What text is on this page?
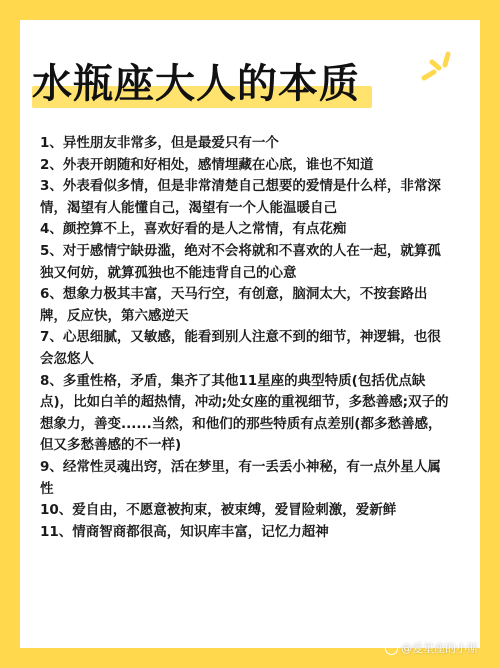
水瓶座大人的本质
1、异性朋友非常多，但是最爱只有一个
2、外表开朗随和好相处，感情埋藏在心底，谁也不知道
3、外表看似多情，但是非常清楚自己想要的爱情是什么样，非常深情，渴望有人能懂自己，渴望有一个人能温暖自己
4、颜控算不上，喜欢好看的是人之常情，有点花痴
5、对于感情宁缺毋滥，绝对不会将就和不喜欢的人在一起，就算孤独又何妨，就算孤独也不能违背自己的心意
6、想象力极其丰富，天马行空，有创意，脑洞太大，不按套路出牌，反应快，第六感逆天
7、心思细腻，又敏感，能看到别人注意不到的细节，神逻辑，也很会忽悠人
8、多重性格，矛盾，集齐了其他11星座的典型特质(包括优点缺点)，比如白羊的超热情，冲动;处女座的重视细节，多愁善感;双子的想象力，善变......当然，和他们的那些特质有点差别(都多愁善感，但又多愁善感的不一样)
9、经常性灵魂出窍，活在梦里，有一丢丢小神秘，有一点外星人属性
10、爱自由，不愿意被拘束，被束缚，爱冒险刺激，爱新鲜
11、情商智商都很高，知识库丰富，记忆力超神
@爱星座的小斯
